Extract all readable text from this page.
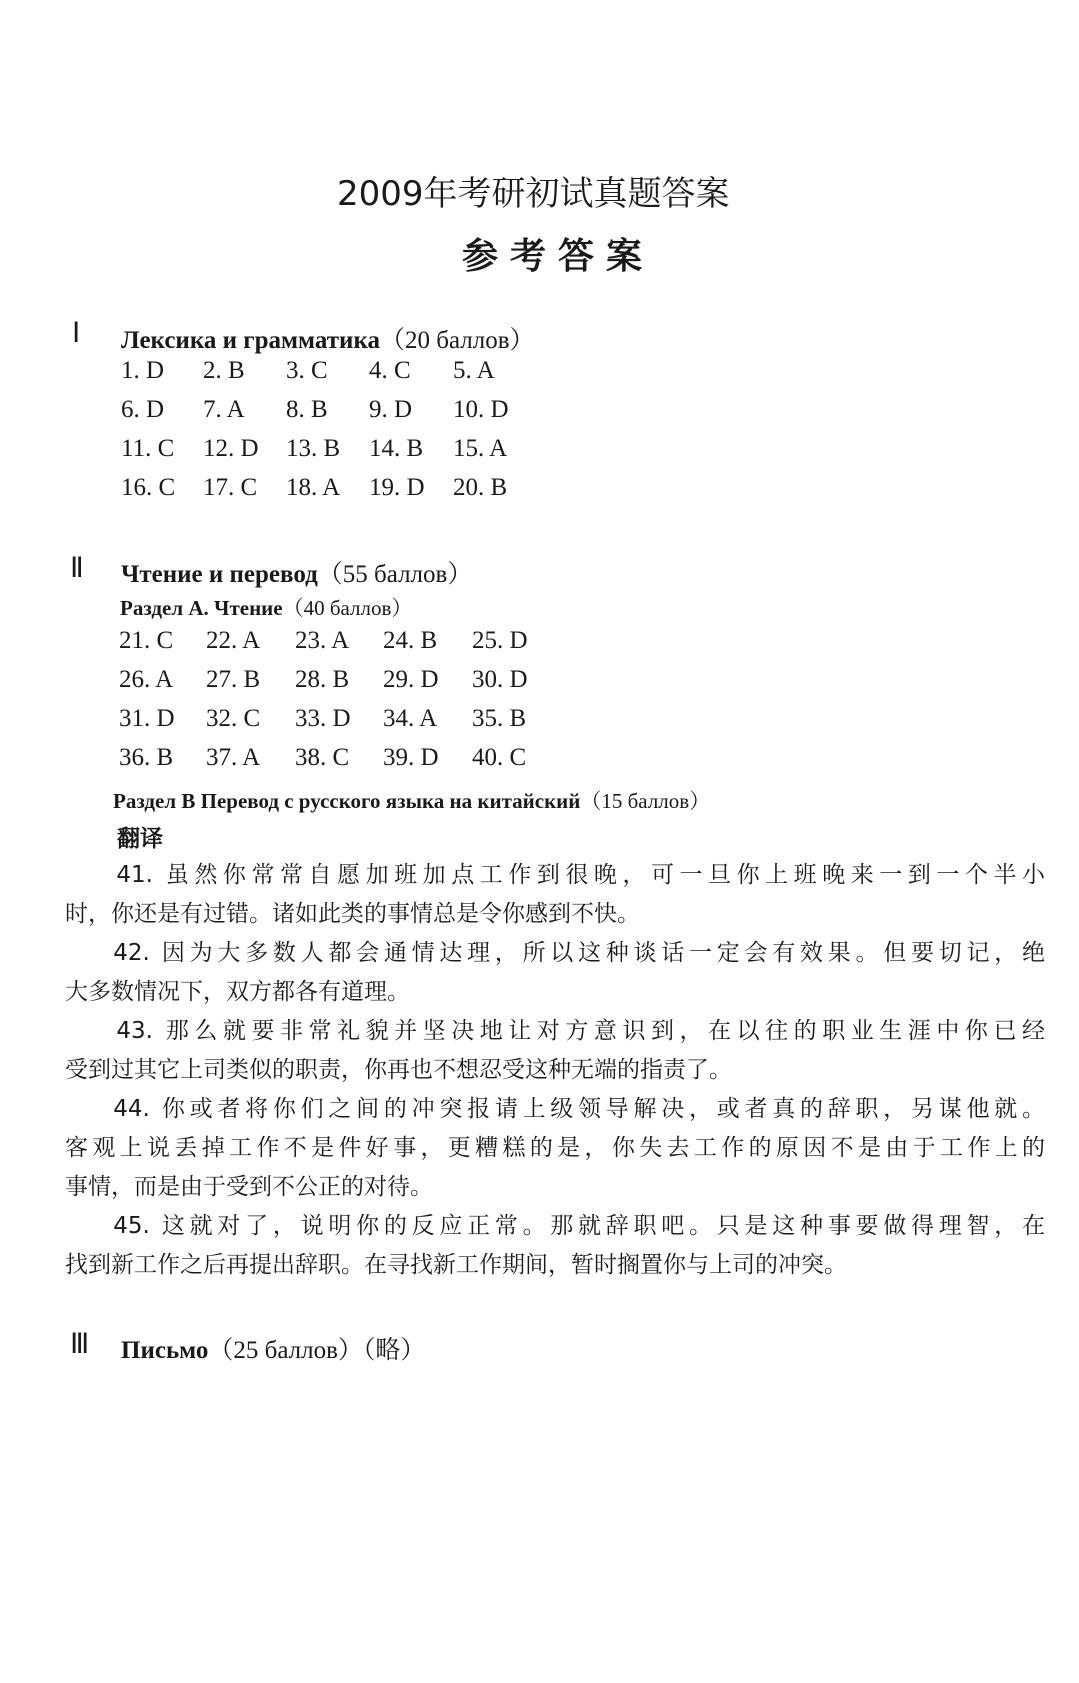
2009年考研初试真题答案
参考答案
Ⅰ Лексика и грамматика（20 баллов）
1. D 2. B 3. C 4. C 5. A
6. D 7. A 8. B 9. D 10. D
11. C 12. D 13. B 14. B 15. A
16. C 17. C 18. A 19. D 20. B
Ⅱ Чтение и перевод（55 баллов）
Раздел A. Чтение（40 баллов）
21. C 22. A 23. A 24. B 25. D
26. A 27. B 28. B 29. D 30. D
31. D 32. C 33. D 34. A 35. B
36. B 37. A 38. C 39. D 40. C
Раздел B Перевод с русского языка на китайский（15 баллов）
翻译
41. 虽然你常常自愿加班加点工作到很晚，可一旦你上班晚来一到一个半小
时，你还是有过错。诸如此类的事情总是令你感到不快。
42. 因为大多数人都会通情达理，所以这种谈话一定会有效果。但要切记，绝
大多数情况下，双方都各有道理。
43. 那么就要非常礼貌并坚决地让对方意识到，在以往的职业生涯中你已经
受到过其它上司类似的职责，你再也不想忍受这种无端的指责了。
44. 你或者将你们之间的冲突报请上级领导解决，或者真的辞职，另谋他就。
客观上说丢掉工作不是件好事，更糟糕的是，你失去工作的原因不是由于工作上的
事情，而是由于受到不公正的对待。
45. 这就对了，说明你的反应正常。那就辞职吧。只是这种事要做得理智，在
找到新工作之后再提出辞职。在寻找新工作期间，暂时搁置你与上司的冲突。
Ⅲ Письмо（25 баллов）（略）
